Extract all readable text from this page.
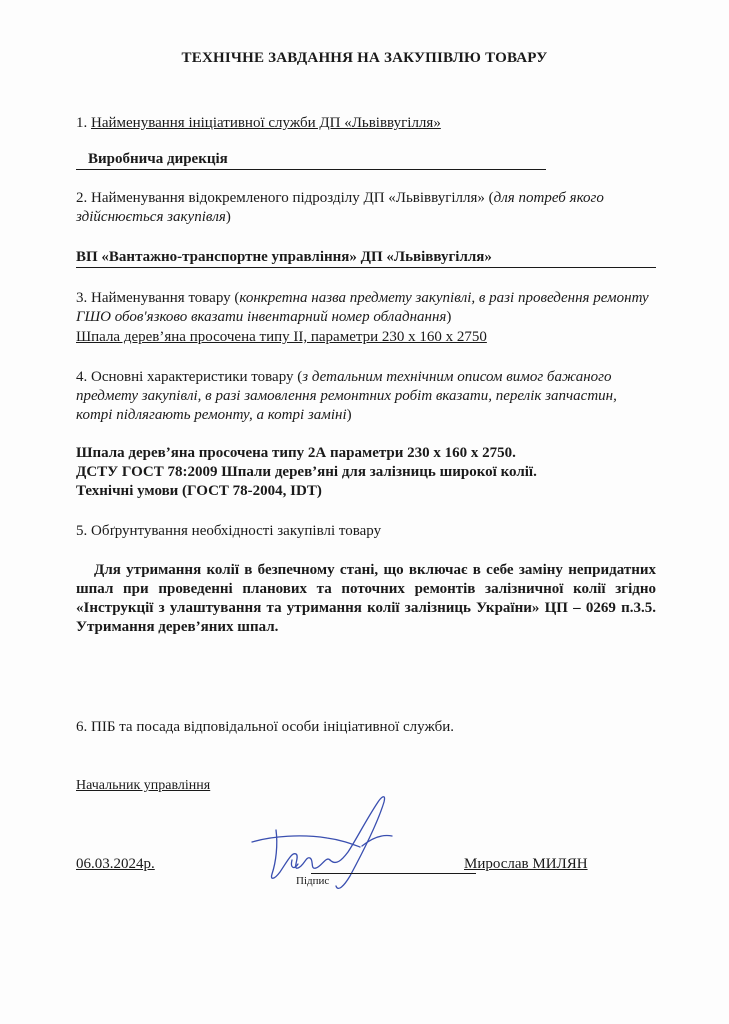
ТЕХНІЧНЕ ЗАВДАННЯ НА ЗАКУПІВЛЮ ТОВАРУ
1. Найменування ініціативної служби ДП «Львіввугілля»
Виробнича дирекція
2. Найменування відокремленого підрозділу ДП «Львіввугілля» (для потреб якого здійснюється закупівля)
ВП «Вантажно-транспортне управління» ДП «Львіввугілля»
3. Найменування товару (конкретна назва предмету закупівлі, в разі проведення ремонту ГШО обов'язково вказати інвентарний номер обладнання)
Шпала дерев’яна просочена типу ІІ, параметри 230 х 160 х 2750
4. Основні характеристики товару (з детальним технічним описом вимог бажаного предмету закупівлі, в разі замовлення ремонтних робіт вказати, перелік запчастин, котрі підлягають ремонту, а котрі заміні)
Шпала дерев’яна просочена типу 2А параметри 230 х 160 х 2750.
ДСТУ ГОСТ 78:2009 Шпали дерев’яні для залізниць широкої колії.
Технічні умови (ГОСТ 78-2004, IDT)
5. Обґрунтування необхідності закупівлі товару
Для утримання колії в безпечному стані, що включає в себе заміну непридатних шпал при проведенні планових та поточних ремонтів залізничної колії згідно «Інструкції з улаштування та утримання колії залізниць України» ЦП – 0269 п.3.5. Утримання дерев’яних шпал.
6. ПІБ та посада відповідальної особи ініціативної служби.
Начальник управління
06.03.2024р.
Підпис
Мирослав МИЛЯН
